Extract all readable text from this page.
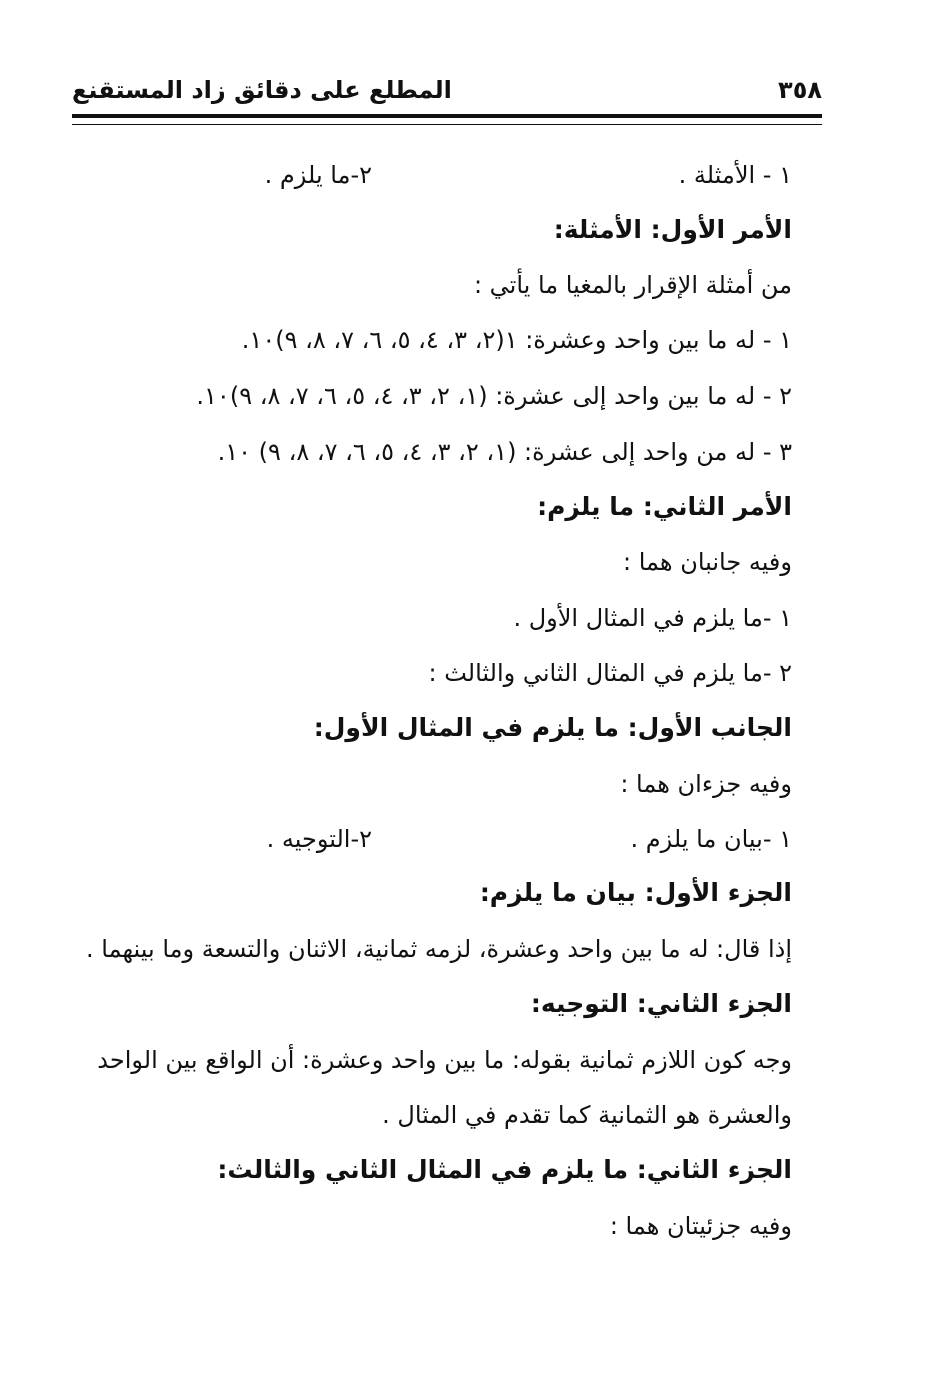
٣٥٨
المطلع على دقائق زاد المستقنع
١ - الأمثلة .
٢-ما يلزم .
الأمر الأول: الأمثلة:
من أمثلة الإقرار بالمغيا ما يأتي :
١ - له ما بين واحد وعشرة: ١(٢، ٣، ٤، ٥، ٦، ٧، ٨، ٩)١٠.
٢ - له ما بين واحد إلى عشرة: (١، ٢، ٣، ٤، ٥، ٦، ٧، ٨، ٩)١٠.
٣ - له من واحد إلى عشرة: (١، ٢، ٣، ٤، ٥، ٦، ٧، ٨، ٩) ١٠.
الأمر الثاني: ما يلزم:
وفيه جانبان هما :
١ -ما يلزم في المثال الأول .
٢ -ما يلزم في المثال الثاني والثالث :
الجانب الأول: ما يلزم في المثال الأول:
وفيه جزءان هما :
١ -بيان ما يلزم .
٢-التوجيه .
الجزء الأول: بيان ما يلزم:
إذا قال: له ما بين واحد وعشرة، لزمه ثمانية، الاثنان والتسعة وما بينهما .
الجزء الثاني: التوجيه:
وجه كون اللازم ثمانية بقوله: ما بين واحد وعشرة: أن الواقع بين الواحد
والعشرة هو الثمانية كما تقدم في المثال .
الجزء الثاني: ما يلزم في المثال الثاني والثالث:
وفيه جزئيتان هما :
